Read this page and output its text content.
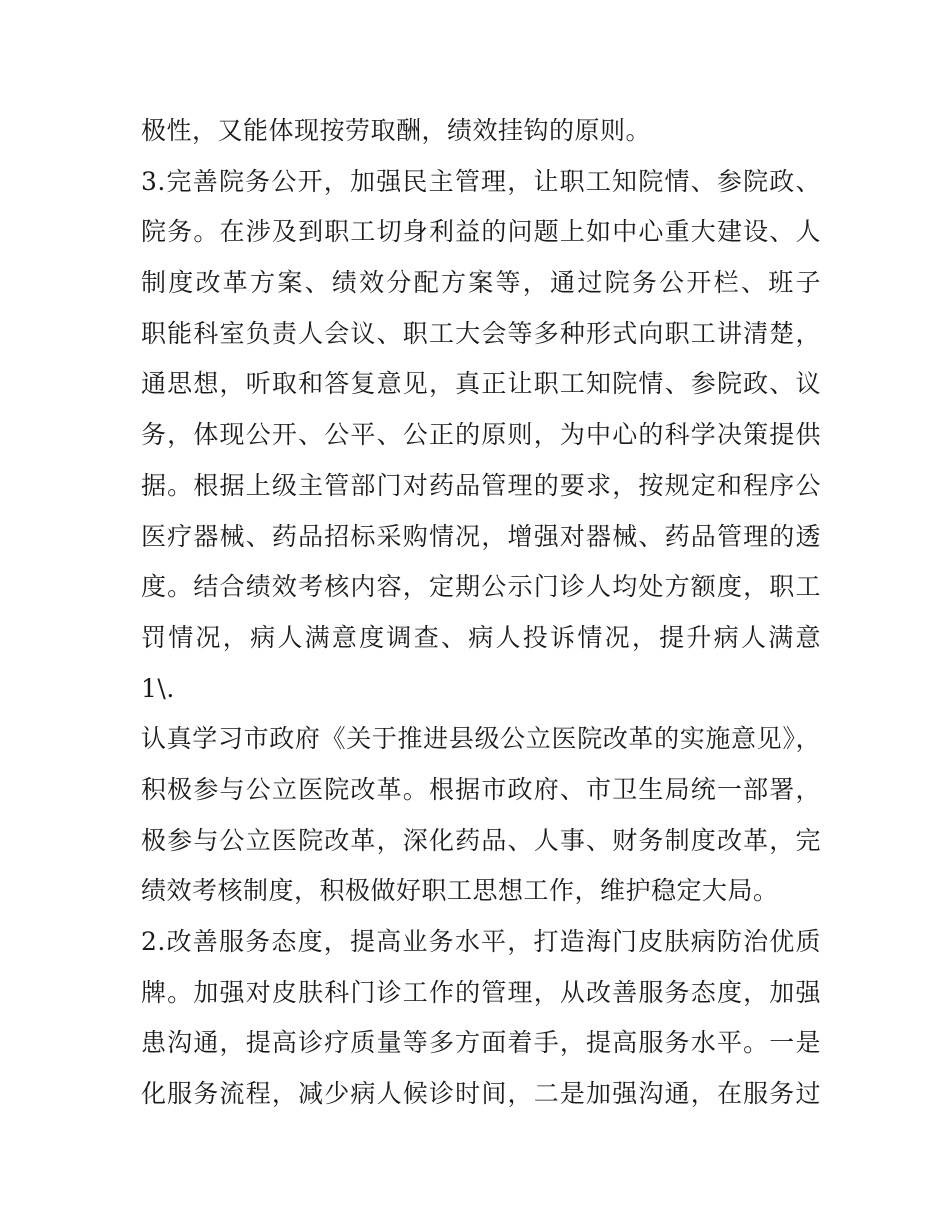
极性，又能体现按劳取酬，绩效挂钩的原则。
3.完善院务公开，加强民主管理，让职工知院情、参院政、
院务。在涉及到职工切身利益的问题上如中心重大建设、人
制度改革方案、绩效分配方案等，通过院务公开栏、班子
职能科室负责人会议、职工大会等多种形式向职工讲清楚，
通思想，听取和答复意见，真正让职工知院情、参院政、议
务，体现公开、公平、公正的原则，为中心的科学决策提供
据。根据上级主管部门对药品管理的要求，按规定和程序公
医疗器械、药品招标采购情况，增强对器械、药品管理的透
度。结合绩效考核内容，定期公示门诊人均处方额度，职工
罚情况，病人满意度调查、病人投诉情况，提升病人满意
1\.
认真学习市政府《关于推进县级公立医院改革的实施意见》，
积极参与公立医院改革。根据市政府、市卫生局统一部署，
极参与公立医院改革，深化药品、人事、财务制度改革，完
绩效考核制度，积极做好职工思想工作，维护稳定大局。
2.改善服务态度，提高业务水平，打造海门皮肤病防治优质
牌。加强对皮肤科门诊工作的管理，从改善服务态度，加强
患沟通，提高诊疗质量等多方面着手，提高服务水平。一是
化服务流程，减少病人候诊时间，二是加强沟通，在服务过
